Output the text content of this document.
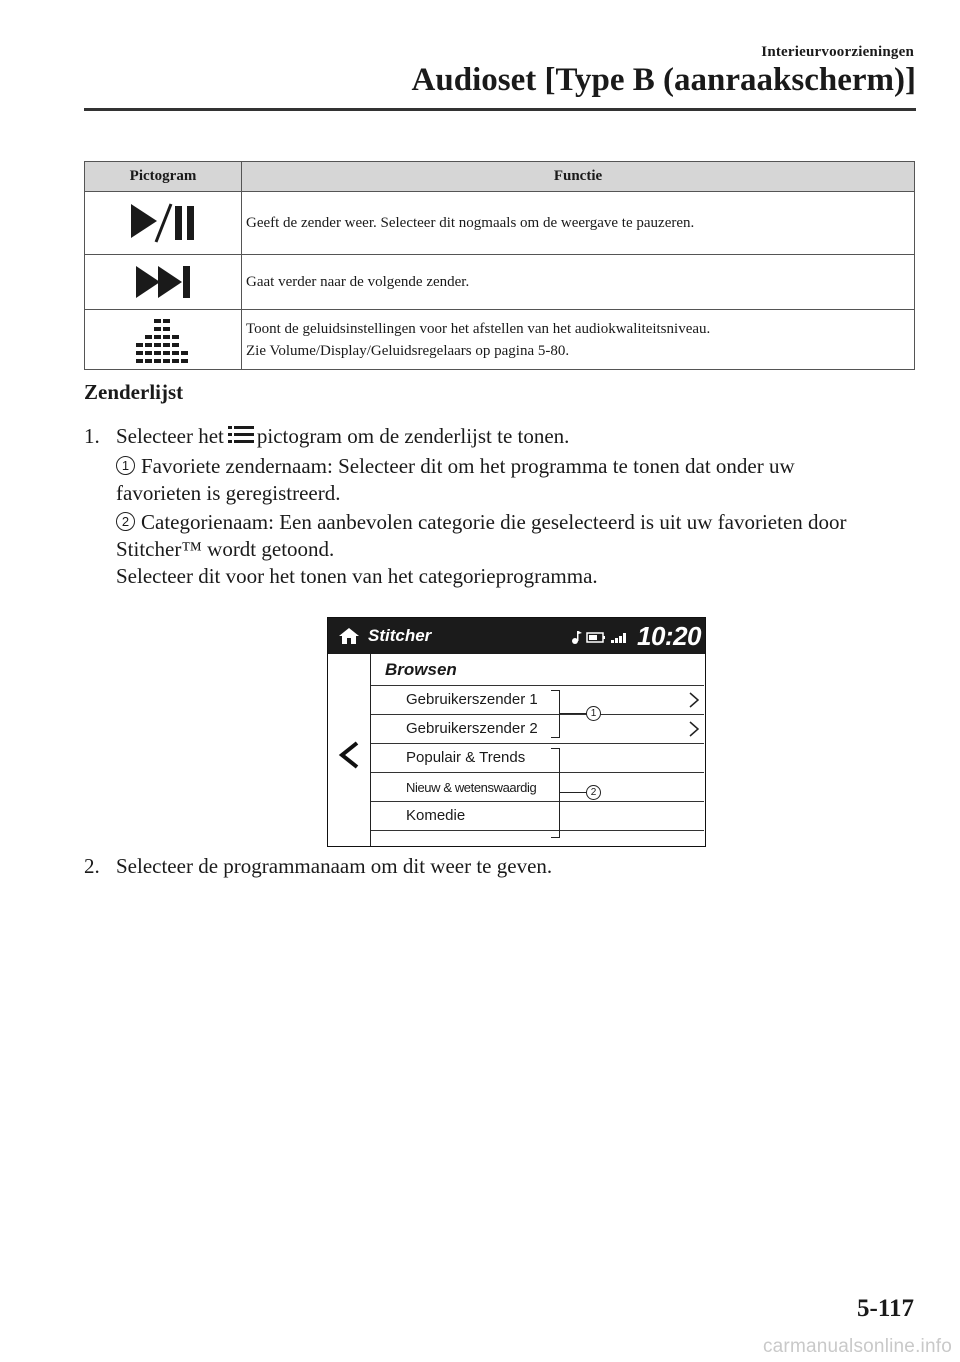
Interieurvoorzieningen
Audioset [Type B (aanraakscherm)]
Pictogram	Functie

Geeft de zender weer. Selecteer dit nogmaals om de weergave te pauzeren.

Gaat verder naar de volgende zender.

Toont de geluidsinstellingen voor het afstellen van het audiokwaliteitsniveau.
Zie Volume/Display/Geluidsregelaars op pagina 5-80.
Zenderlijst
1. Selecteer het pictogram om de zenderlijst te tonen.
1 Favoriete zendernaam: Selecteer dit om het programma te tonen dat onder uw
favorieten is geregistreerd.
2 Categorienaam: Een aanbevolen categorie die geselecteerd is uit uw favorieten door
Stitcher™ wordt getoond.
Selecteer dit voor het tonen van het categorieprogramma.
Stitcher	10:20
Browsen
Gebruikerszender 1
Gebruikerszender 2
Populair & Trends
Nieuw & wetenswaardig
Komedie
1
2
2. Selecteer de programmanaam om dit weer te geven.
5-117
carmanualsonline.info
